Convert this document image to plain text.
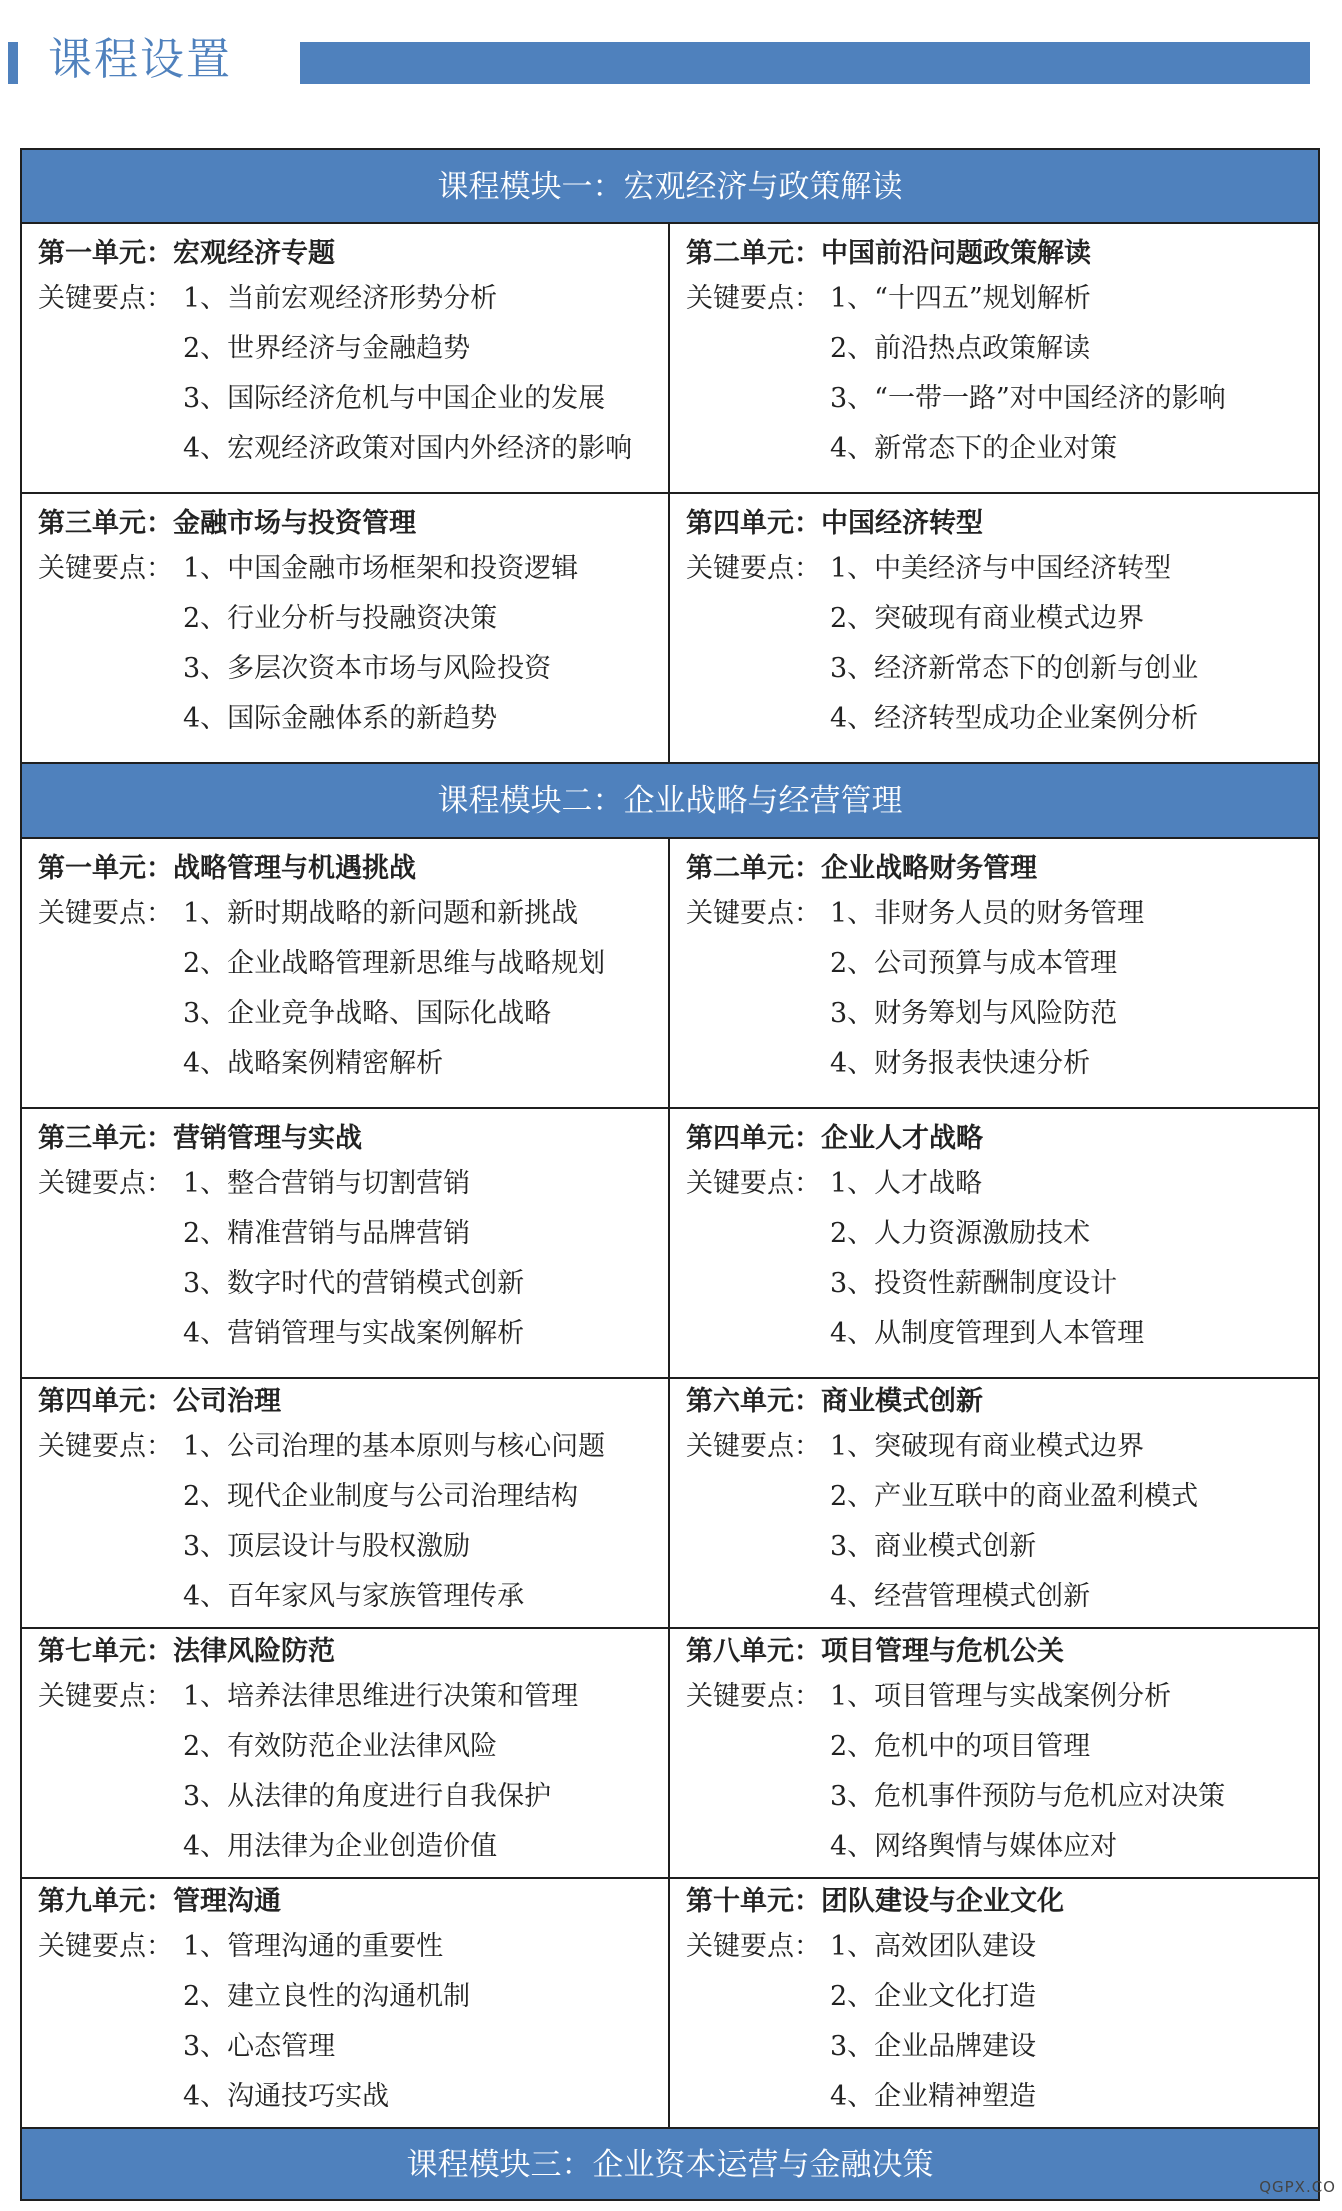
课程设置
课程模块一：宏观经济与政策解读
第一单元：宏观经济专题
关键要点： 1、当前宏观经济形势分析
2、世界经济与金融趋势
3、国际经济危机与中国企业的发展
4、宏观经济政策对国内外经济的影响
第二单元：中国前沿问题政策解读
关键要点： 1、“十四五”规划解析
2、前沿热点政策解读
3、“一带一路”对中国经济的影响
4、新常态下的企业对策
第三单元：金融市场与投资管理
关键要点： 1、中国金融市场框架和投资逻辑
2、行业分析与投融资决策
3、多层次资本市场与风险投资
4、国际金融体系的新趋势
第四单元：中国经济转型
关键要点： 1、中美经济与中国经济转型
2、突破现有商业模式边界
3、经济新常态下的创新与创业
4、经济转型成功企业案例分析
课程模块二：企业战略与经营管理
第一单元：战略管理与机遇挑战
关键要点： 1、新时期战略的新问题和新挑战
2、企业战略管理新思维与战略规划
3、企业竞争战略、国际化战略
4、战略案例精密解析
第二单元：企业战略财务管理
关键要点： 1、非财务人员的财务管理
2、公司预算与成本管理
3、财务筹划与风险防范
4、财务报表快速分析
第三单元：营销管理与实战
关键要点： 1、整合营销与切割营销
2、精准营销与品牌营销
3、数字时代的营销模式创新
4、营销管理与实战案例解析
第四单元：企业人才战略
关键要点： 1、人才战略
2、人力资源激励技术
3、投资性薪酬制度设计
4、从制度管理到人本管理
第四单元：公司治理
关键要点： 1、公司治理的基本原则与核心问题
2、现代企业制度与公司治理结构
3、顶层设计与股权激励
4、百年家风与家族管理传承
第六单元：商业模式创新
关键要点： 1、突破现有商业模式边界
2、产业互联中的商业盈利模式
3、商业模式创新
4、经营管理模式创新
第七单元：法律风险防范
关键要点： 1、培养法律思维进行决策和管理
2、有效防范企业法律风险
3、从法律的角度进行自我保护
4、用法律为企业创造价值
第八单元：项目管理与危机公关
关键要点： 1、项目管理与实战案例分析
2、危机中的项目管理
3、危机事件预防与危机应对决策
4、网络舆情与媒体应对
第九单元：管理沟通
关键要点： 1、管理沟通的重要性
2、建立良性的沟通机制
3、心态管理
4、沟通技巧实战
第十单元：团队建设与企业文化
关键要点： 1、高效团队建设
2、企业文化打造
3、企业品牌建设
4、企业精神塑造
课程模块三：企业资本运营与金融决策
QGPX.CO
